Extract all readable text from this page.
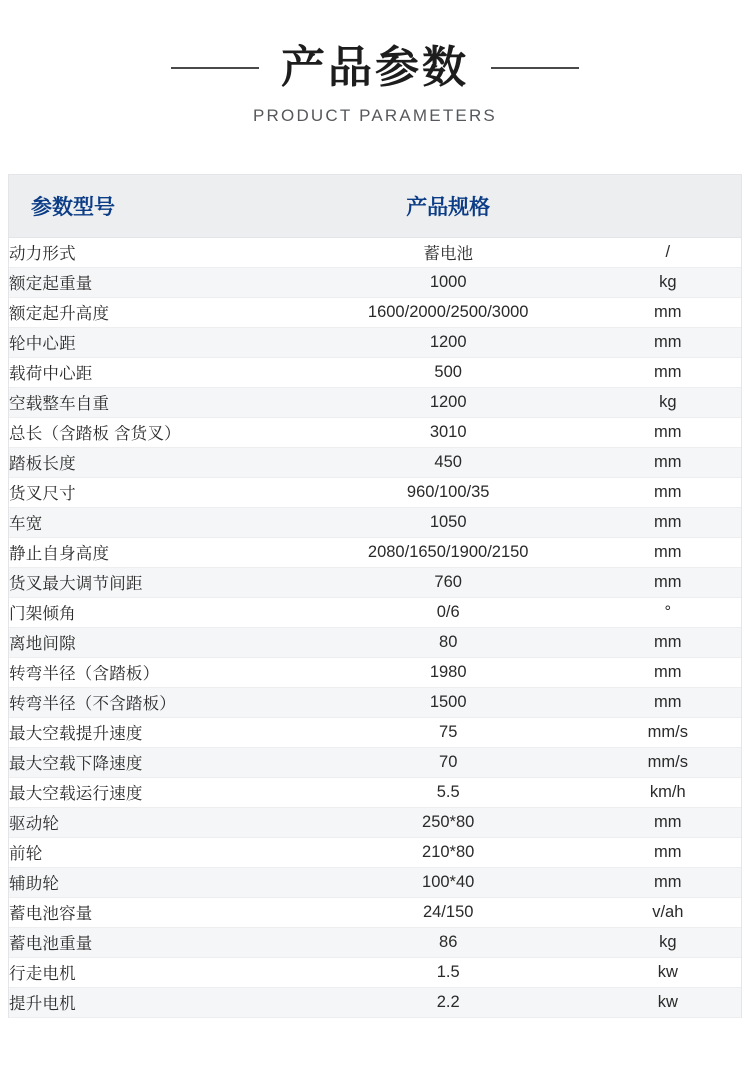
产品参数
PRODUCT PARAMETERS
参数型号	产品规格	
动力形式	蓄电池	/
额定起重量	1000	kg
额定起升高度	1600/2000/2500/3000	mm
轮中心距	1200	mm
载荷中心距	500	mm
空载整车自重	1200	kg
总长（含踏板 含货叉）	3010	mm
踏板长度	450	mm
货叉尺寸	960/100/35	mm
车宽	1050	mm
静止自身高度	2080/1650/1900/2150	mm
货叉最大调节间距	760	mm
门架倾角	0/6	°
离地间隙	80	mm
转弯半径（含踏板）	1980	mm
转弯半径（不含踏板）	1500	mm
最大空载提升速度	75	mm/s
最大空载下降速度	70	mm/s
最大空载运行速度	5.5	km/h
驱动轮	250*80	mm
前轮	210*80	mm
辅助轮	100*40	mm
蓄电池容量	24/150	v/ah
蓄电池重量	86	kg
行走电机	1.5	kw
提升电机	2.2	kw
